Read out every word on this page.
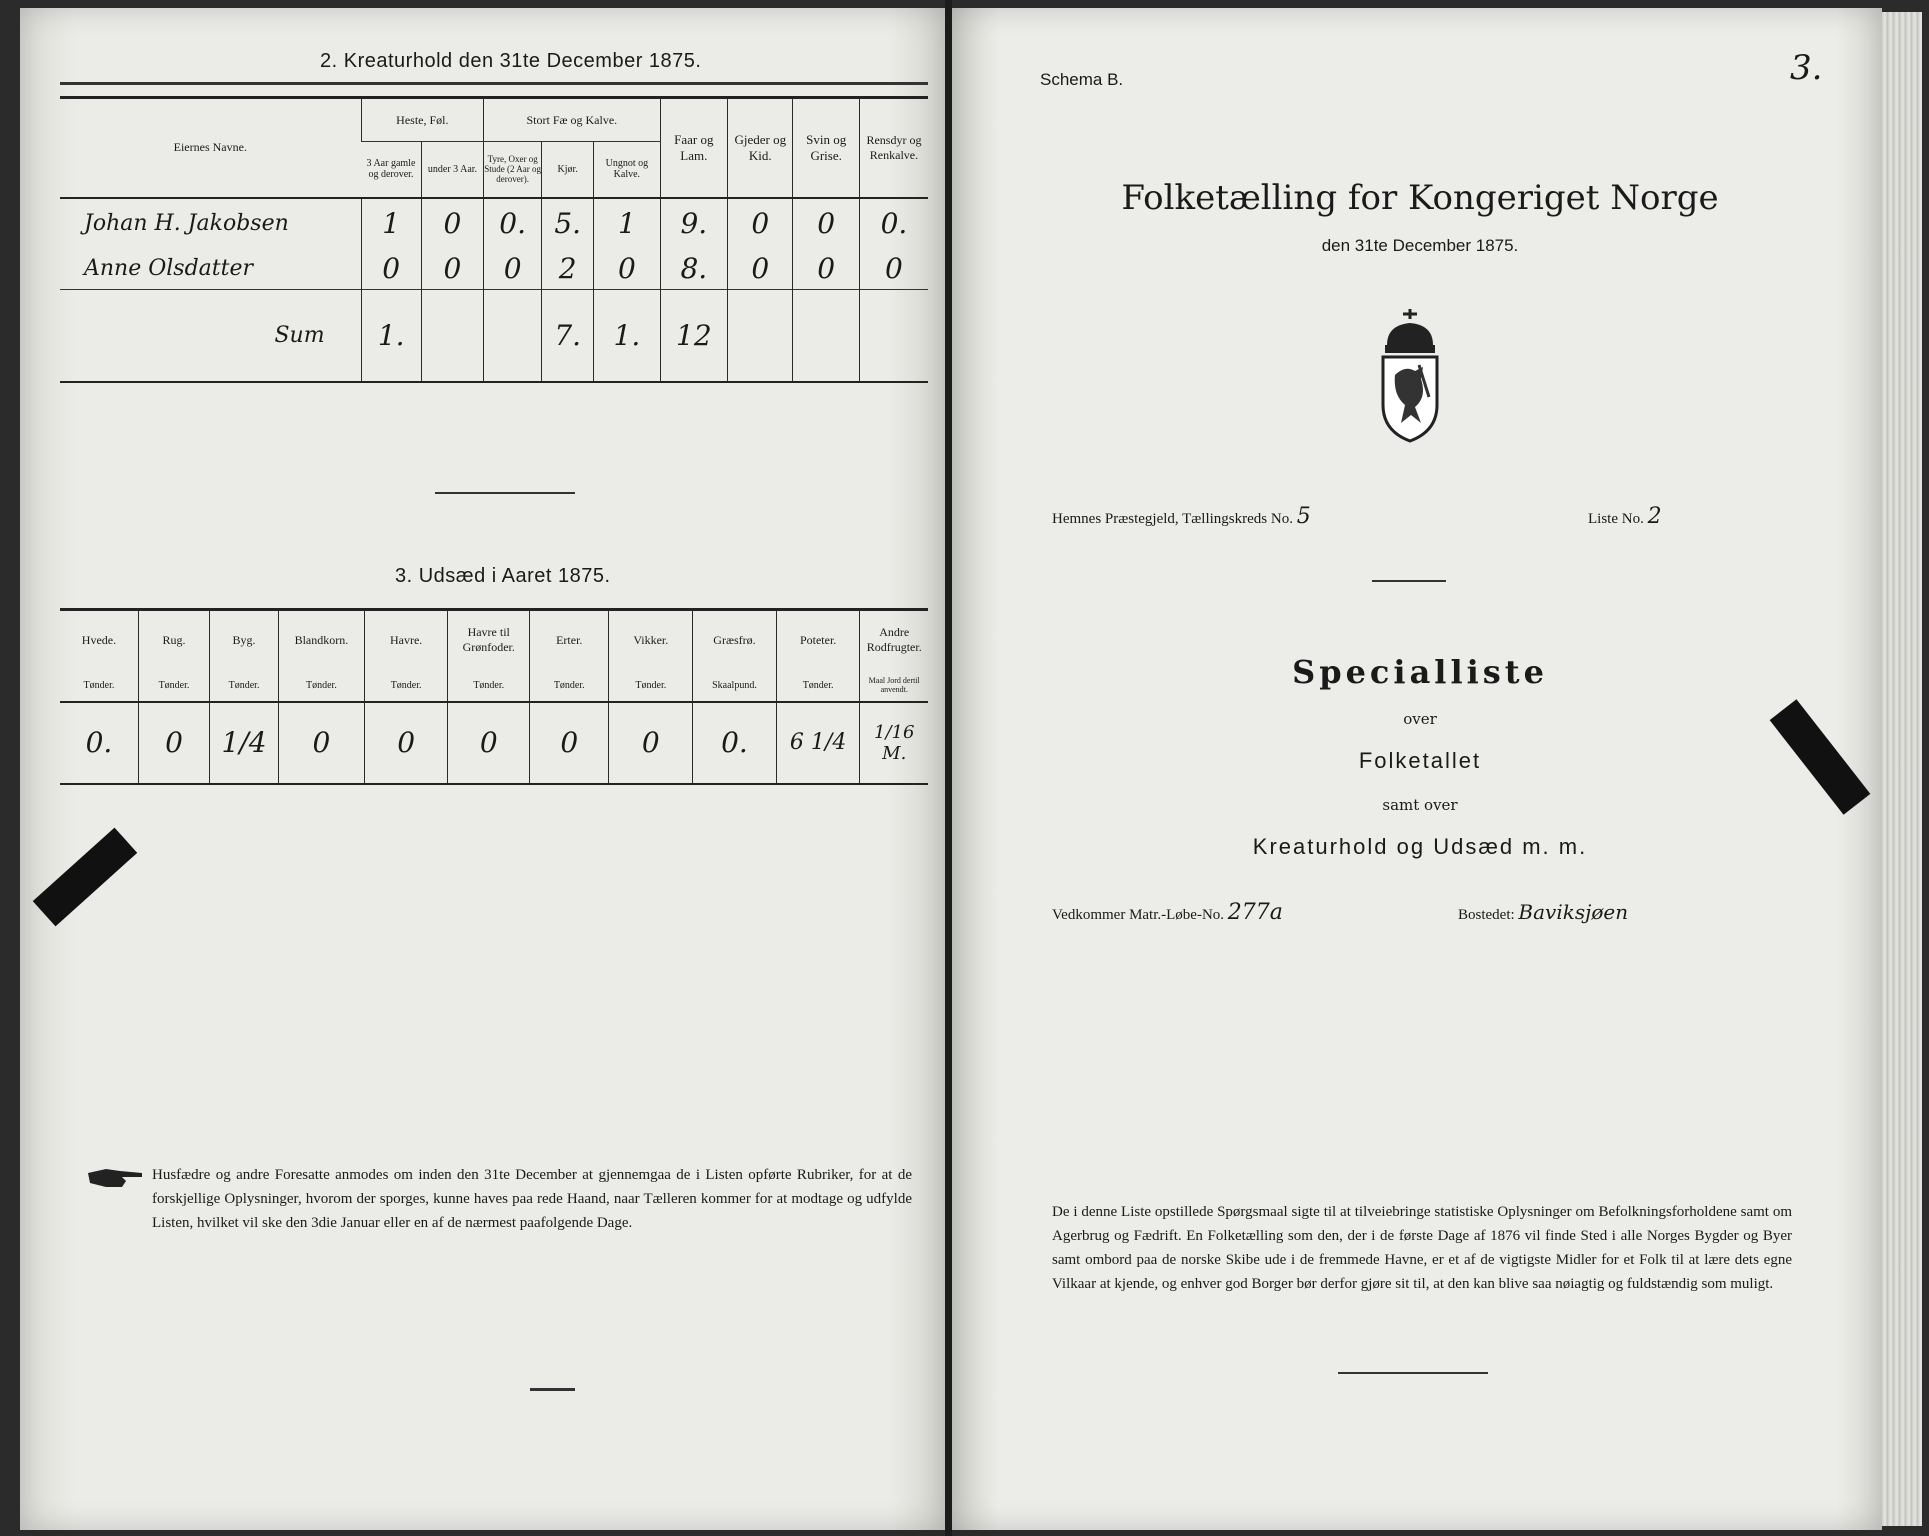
2. Kreaturhold den 31te December 1875.
Eiernes Navne.	Heste, Føl.		Stort Fæ og Kalve.			Faar og Lam.	Gjeder og Kid.	Svin og Grise.	Rensdyr og Renkalve.
	3 Aar gamle og derover.	under 3 Aar.	Tyre, Oxer og Stude (2 Aar og derover).	Kjør.	Ungnot og Kalve.				
Johan H. Jakobsen	1	0	0.	5.	1	9.	0	0	0.
Anne Olsdatter	0	0	0	2	0	8.	0	0	0
Sum	1.			7.	1.	12			
3. Udsæd i Aaret 1875.
Hvede.	Rug.	Byg.	Blandkorn.	Havre.	Havre til Grønfoder.	Erter.	Vikker.	Græsfrø.	Poteter.	Andre Rodfrugter.
Tønder.	Tønder.	Tønder.	Tønder.	Tønder.	Tønder.	Tønder.	Tønder.	Skaalpund.	Tønder.	Maal Jord dertil anvendt.
0.	0	1/4	0	0	0	0	0	0.	6 1/4	1/16 M.
Husfædre og andre Foresatte anmodes om inden den 31te December at gjennemgaa de i Listen opførte Rubriker, for at de forskjellige Oplysninger, hvorom der sporges, kunne haves paa rede Haand, naar Tælleren kommer for at modtage og udfylde Listen, hvilket vil ske den 3die Januar eller en af de nærmest paafolgende Dage.
Schema B.	3.
Folketælling for Kongeriget Norge
den 31te December 1875.
Hemnes Præstegjeld, Tællingskreds No. 5	Liste No. 2
Specialliste
over
Folketallet
samt over
Kreaturhold og Udsæd m. m.
Vedkommer Matr.-Løbe-No. 277a	Bostedet: Baviksjøen
De i denne Liste opstillede Spørgsmaal sigte til at tilveiebringe statistiske Oplysninger om Befolkningsforholdene samt om Agerbrug og Fædrift. En Folketælling som den, der i de første Dage af 1876 vil finde Sted i alle Norges Bygder og Byer samt ombord paa de norske Skibe ude i de fremmede Havne, er et af de vigtigste Midler for et Folk til at lære dets egne Vilkaar at kjende, og enhver god Borger bør derfor gjøre sit til, at den kan blive saa nøiagtig og fuldstændig som muligt.
